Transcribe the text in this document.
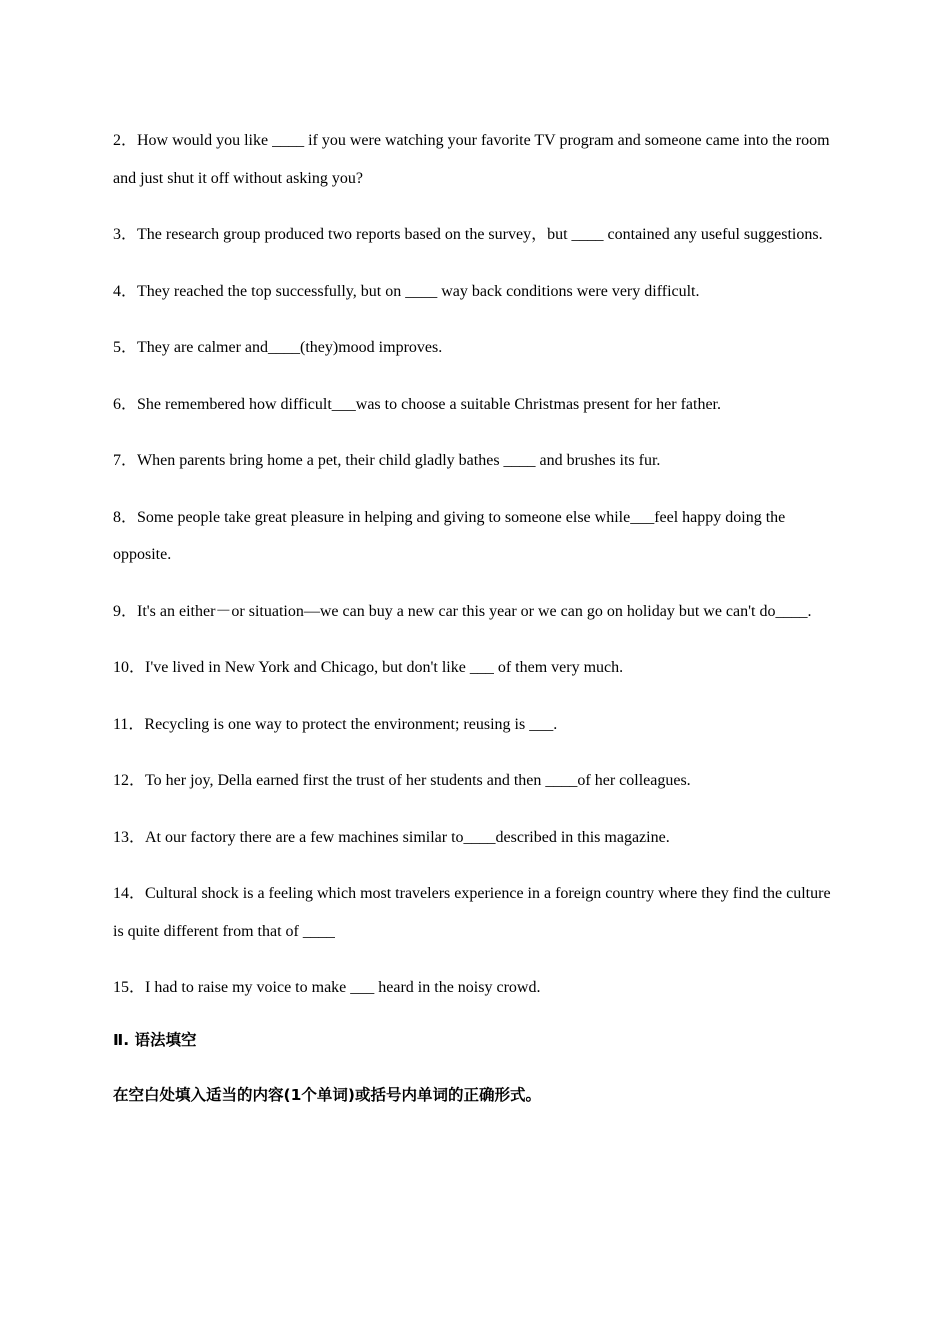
2．How would you like ____ if you were watching your favorite TV program and someone came into the room and just shut it off without asking you?

3．The research group produced two reports based on the survey，but ____ contained any useful suggestions.

4．They reached the top successfully, but on ____ way back conditions were very difficult.

5．They are calmer and____(they)mood improves.

6．She remembered how difficult___was to choose a suitable Christmas present for her father.

7．When parents bring home a pet, their child gladly bathes ____ and brushes its fur.

8．Some people take great pleasure in helping and giving to someone else while___feel happy doing the opposite.

9．It's an either－or situation—we can buy a new car this year or we can go on holiday but we can't do____.

10．I've lived in New York and Chicago, but don't like ___ of them very much.

11．Recycling is one way to protect the environment; reusing is ___.

12．To her joy, Della earned first the trust of her students and then ____of her colleagues.

13．At our factory there are a few machines similar to____described in this magazine.

14．Cultural shock is a feeling which most travelers experience in a foreign country where they find the culture is quite different from that of ____

15．I had to raise my voice to make ___ heard in the noisy crowd.

Ⅱ. 语法填空

在空白处填入适当的内容(1个单词)或括号内单词的正确形式。
